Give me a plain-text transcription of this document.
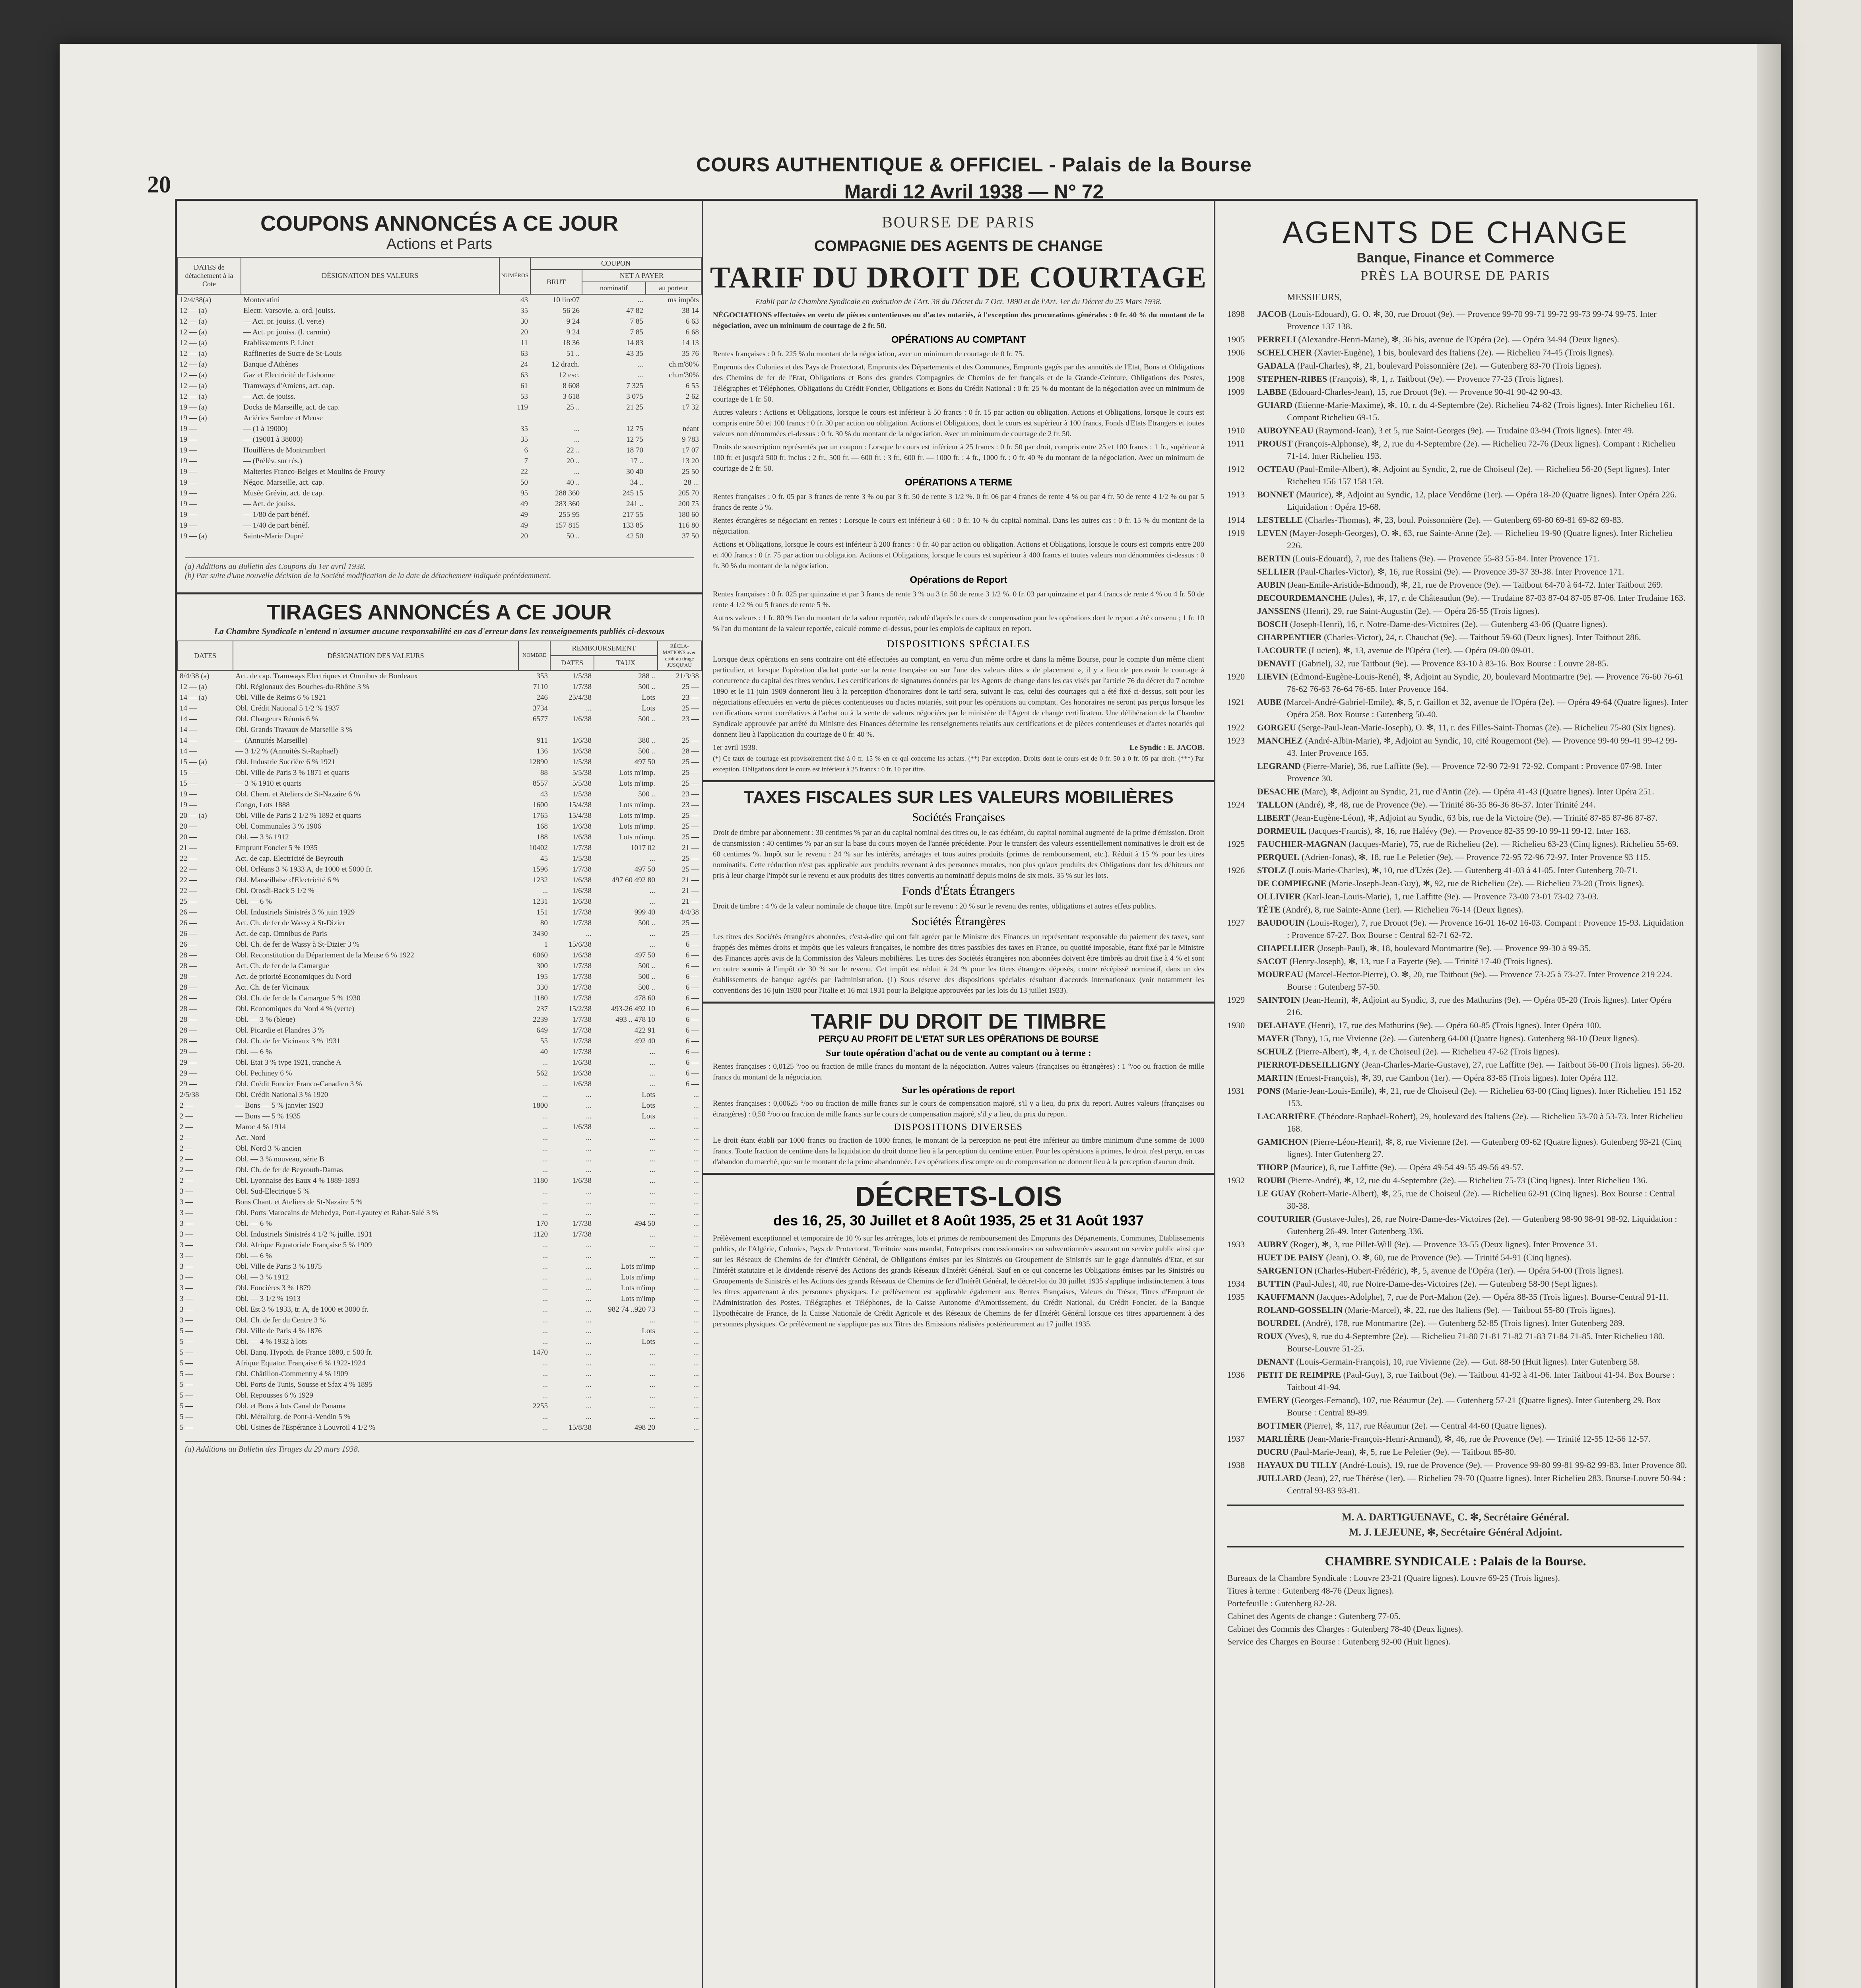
20
COURS AUTHENTIQUE & OFFICIEL - Palais de la Bourse
Mardi 12 Avril 1938 — N° 72
COUPONS ANNONCÉS A CE JOUR
Actions et Parts
DATES de détachement à la Cote	DÉSIGNATION DES VALEURS	NUMÉROS	COUPON		
			BRUT	NET A PAYER	
				nominatif	au porteur
12/4/38(a)	Montecatini	43	10 lire07	...	ms impôts
12 — (a)	Electr. Varsovie, a. ord. jouiss.	35	56 26	47 82	38 14
12 — (a)	— Act. pr. jouiss. (l. verte)	30	9 24	7 85	6 63
12 — (a)	— Act. pr. jouiss. (l. carmin)	20	9 24	7 85	6 68
12 — (a)	Etablissements P. Linet	11	18 36	14 83	14 13
12 — (a)	Raffineries de Sucre de St-Louis	63	51 ..	43 35	35 76
12 — (a)	Banque d'Athènes	24	12 drach.	...	ch.m'80%
12 — (a)	Gaz et Electricité de Lisbonne	63	12 esc.	...	ch.m'30%
12 — (a)	Tramways d'Amiens, act. cap.	61	8 608	7 325	6 55
12 — (a)	— Act. de jouiss.	53	3 618	3 075	2 62
19 — (a)	Docks de Marseille, act. de cap.	119	25 ..	21 25	17 32
19 — (a)	Aciéries Sambre et Meuse				
19 —	— (1 à 19000)	35	...	12 75	néant
19 —	— (19001 à 38000)	35	...	12 75	9 783
19 —	Houillères de Montrambert	6	22 ..	18 70	17 07
19 —	— (Prélèv. sur rés.)	7	20 ..	17 ..	13 20
19 —	Malteries Franco-Belges et Moulins de Frouvy	22	...	30 40	25 50
19 —	Négoc. Marseille, act. cap.	50	40 ..	34 ..	28 ...
19 —	Musée Grévin, act. de cap.	95	288 360	245 15	205 70
19 —	— Act. de jouiss.	49	283 360	241 ..	200 75
19 —	— 1/80 de part bénéf.	49	255 95	217 55	180 60
19 —	— 1/40 de part bénéf.	49	157 815	133 85	116 80
19 — (a)	Sainte-Marie Dupré	20	50 ..	42 50	37 50
(a) Additions au Bulletin des Coupons du 1er avril 1938.
(b) Par suite d'une nouvelle décision de la Société modification de la date de détachement indiquée précédemment.
TIRAGES ANNONCÉS A CE JOUR
La Chambre Syndicale n'entend n'assumer aucune responsabilité en cas d'erreur dans les renseignements publiés ci-dessous
DATES	DÉSIGNATION DES VALEURS	NOMBRE	REMBOURSEMENT		RÉCLA-MATIONS avec droit au tirage JUSQU'AU
			DATES	TAUX	
8/4/38 (a)	Act. de cap. Tramways Electriques et Omnibus de Bordeaux	353	1/5/38	288 ..	21/3/38
12 — (a)	Obl. Régionaux des Bouches-du-Rhône 3 %	7110	1/7/38	500 ..	25 —
14 — (a)	Obl. Ville de Reims 6 % 1921	246	25/4/38	Lots	23 —
14 —	Obl. Crédit National 5 1/2 % 1937	3734	...	Lots	25 —
14 —	Obl. Chargeurs Réunis 6 %	6577	1/6/38	500 ..	23 —
14 —	Obl. Grands Travaux de Marseille 3 %				
14 —	— (Annuités Marseille)	911	1/6/38	380 ..	25 —
14 —	— 3 1/2 % (Annuités St-Raphaël)	136	1/6/38	500 ..	28 —
15 — (a)	Obl. Industrie Sucrière 6 % 1921	12890	1/5/38	497 50	25 —
15 —	Obl. Ville de Paris 3 % 1871 et quarts	88	5/5/38	Lots m'imp.	25 —
15 —	— 3 % 1910 et quarts	8557	5/5/38	Lots m'imp.	25 —
19 —	Obl. Chem. et Ateliers de St-Nazaire 6 %	43	1/5/38	500 ..	23 —
19 —	Congo, Lots 1888	1600	15/4/38	Lots m'imp.	23 —
20 — (a)	Obl. Ville de Paris 2 1/2 % 1892 et quarts	1765	15/4/38	Lots m'imp.	25 —
20 —	Obl. Communales 3 % 1906	168	1/6/38	Lots m'imp.	25 —
20 —	Obl. — 3 % 1912	188	1/6/38	Lots m'imp.	25 —
21 —	Emprunt Foncier 5 % 1935	10402	1/7/38	1017 02	21 —
22 —	Act. de cap. Electricité de Beyrouth	45	1/5/38	...	25 —
22 —	Obl. Orléans 3 % 1933 A, de 1000 et 5000 fr.	1596	1/7/38	497 50	25 —
22 —	Obl. Marseillaise d'Electricité 6 %	1232	1/6/38	497 60 492 80	21 —
22 —	Obl. Orosdi-Back 5 1/2 %	...	1/6/38	...	21 —
25 —	Obl. — 6 %	1231	1/6/38	...	21 —
26 —	Obl. Industriels Sinistrés 3 % juin 1929	151	1/7/38	999 40	4/4/38
26 —	Act. Ch. de fer de Wassy à St-Dizier	80	1/7/38	500 ..	25 —
26 —	Act. de cap. Omnibus de Paris	3430	...	...	25 —
26 —	Obl. Ch. de fer de Wassy à St-Dizier 3 %	1	15/6/38	...	6 —
28 —	Obl. Reconstitution du Département de la Meuse 6 % 1922	6060	1/6/38	497 50	6 —
28 —	Act. Ch. de fer de la Camargue	300	1/7/38	500 ..	6 —
28 —	Act. de priorité Economiques du Nord	195	1/7/38	500 ..	6 —
28 —	Act. Ch. de fer Vicinaux	330	1/7/38	500 ..	6 —
28 —	Obl. Ch. de fer de la Camargue 5 % 1930	1180	1/7/38	478 60	6 —
28 —	Obl. Economiques du Nord 4 % (verte)	237	15/2/38	493-26 492 10	6 —
28 —	Obl. — 3 % (bleue)	2239	1/7/38	493 .. 478 10	6 —
28 —	Obl. Picardie et Flandres 3 %	649	1/7/38	422 91	6 —
28 —	Obl. Ch. de fer Vicinaux 3 % 1931	55	1/7/38	492 40	6 —
29 —	Obl. — 6 %	40	1/7/38	...	6 —
29 —	Obl. Etat 3 % type 1921, tranche A	...	1/6/38	...	6 —
29 —	Obl. Pechiney 6 %	562	1/6/38	...	6 —
29 —	Obl. Crédit Foncier Franco-Canadien 3 %	...	1/6/38	...	6 —
2/5/38	Obl. Crédit National 3 % 1920	...	...	Lots	...
2 —	— Bons — 5 % janvier 1923	1800	...	Lots	...
2 —	— Bons — 5 % 1935	...	...	Lots	...
2 —	Maroc 4 % 1914	...	1/6/38	...	...
2 —	Act. Nord	...	...	...	...
2 —	Obl. Nord 3 % ancien	...	...	...	...
2 —	Obl. — 3 % nouveau, série B	...	...	...	...
2 —	Obl. Ch. de fer de Beyrouth-Damas	...	...	...	...
2 —	Obl. Lyonnaise des Eaux 4 % 1889-1893	1180	1/6/38	...	...
3 —	Obl. Sud-Electrique 5 %	...	...	...	...
3 —	Bons Chant. et Ateliers de St-Nazaire 5 %	...	...	...	...
3 —	Obl. Ports Marocains de Mehedya, Port-Lyautey et Rabat-Salé 3 %	...	...	...	...
3 —	Obl. — 6 %	170	1/7/38	494 50	...
3 —	Obl. Industriels Sinistrés 4 1/2 % juillet 1931	1120	1/7/38	...	...
3 —	Obl. Afrique Equatoriale Française 5 % 1909	...	...	...	...
3 —	Obl. — 6 %	...	...	...	...
3 —	Obl. Ville de Paris 3 % 1875	...	...	Lots m'imp	...
3 —	Obl. — 3 % 1912	...	...	Lots m'imp	...
3 —	Obl. Foncières 3 % 1879	...	...	Lots m'imp	...
3 —	Obl. — 3 1/2 % 1913	...	...	Lots m'imp	...
3 —	Obl. Est 3 % 1933, tr. A, de 1000 et 3000 fr.	...	...	982 74 ..920 73	...
3 —	Obl. Ch. de fer du Centre 3 %	...	...	...	...
5 —	Obl. Ville de Paris 4 % 1876	...	...	Lots	...
5 —	Obl. — 4 % 1932 à lots	...	...	Lots	...
5 —	Obl. Banq. Hypoth. de France 1880, r. 500 fr.	1470	...	...	...
5 —	Afrique Equator. Française 6 % 1922-1924	...	...	...	...
5 —	Obl. Châtillon-Commentry 4 % 1909	...	...	...	...
5 —	Obl. Ports de Tunis, Sousse et Sfax 4 % 1895	...	...	...	...
5 —	Obl. Repousses 6 % 1929	...	...	...	...
5 —	Obl. et Bons à lots Canal de Panama	2255	...	...	...
5 —	Obl. Métallurg. de Pont-à-Vendin 5 %	...	...	...	...
5 —	Obl. Usines de l'Espérance à Louvroil 4 1/2 %	...	15/8/38	498 20	...
(a) Additions au Bulletin des Tirages du 29 mars 1938.
BOURSE DE PARIS
COMPAGNIE DES AGENTS DE CHANGE
TARIF DU DROIT DE COURTAGE
Etabli par la Chambre Syndicale en exécution de l'Art. 38 du Décret du 7 Oct. 1890 et de l'Art. 1er du Décret du 25 Mars 1938.

NÉGOCIATIONS effectuées en vertu de pièces contentieuses ou d'actes notariés, à l'exception des procurations générales : 0 fr. 40 % du montant de la négociation, avec un minimum de courtage de 2 fr. 50.

OPÉRATIONS AU COMPTANT

Rentes françaises : 0 fr. 225 % du montant de la négociation, avec un minimum de courtage de 0 fr. 75.

Emprunts des Colonies et des Pays de Protectorat, Emprunts des Départements et des Communes, Emprunts gagés par des annuités de l'Etat, Bons et Obligations des Chemins de fer de l'Etat, Obligations et Bons des grandes Compagnies de Chemins de fer français et de la Grande-Ceinture, Obligations des Postes, Télégraphes et Téléphones, Obligations du Crédit Foncier, Obligations et Bons du Crédit National : 0 fr. 25 % du montant de la négociation avec un minimum de courtage de 1 fr. 50.

Autres valeurs : Actions et Obligations, lorsque le cours est inférieur à 50 francs : 0 fr. 15 par action ou obligation. Actions et Obligations, lorsque le cours est compris entre 50 et 100 francs : 0 fr. 30 par action ou obligation. Actions et Obligations, dont le cours est supérieur à 100 francs, Fonds d'Etats Etrangers et toutes valeurs non dénommées ci-dessus : 0 fr. 30 % du montant de la négociation. Avec un minimum de courtage de 2 fr. 50.

Droits de souscription représentés par un coupon : Lorsque le cours est inférieur à 25 francs : 0 fr. 50 par droit, compris entre 25 et 100 francs : 1 fr., supérieur à 100 fr. et jusqu'à 500 fr. inclus : 2 fr., 500 fr. — 600 fr. : 3 fr., 600 fr. — 1000 fr. : 4 fr., 1000 fr. : 0 fr. 40 % du montant de la négociation. Avec un minimum de courtage de 2 fr. 50.

OPÉRATIONS A TERME

Rentes françaises : 0 fr. 05 par 3 francs de rente 3 % ou par 3 fr. 50 de rente 3 1/2 %. 0 fr. 06 par 4 francs de rente 4 % ou par 4 fr. 50 de rente 4 1/2 % ou par 5 francs de rente 5 %.

Rentes étrangères se négociant en rentes : Lorsque le cours est inférieur à 60 : 0 fr. 10 % du capital nominal. Dans les autres cas : 0 fr. 15 % du montant de la négociation.

Actions et Obligations, lorsque le cours est inférieur à 200 francs : 0 fr. 40 par action ou obligation. Actions et Obligations, lorsque le cours est compris entre 200 et 400 francs : 0 fr. 75 par action ou obligation. Actions et Obligations, lorsque le cours est supérieur à 400 francs et toutes valeurs non dénommées ci-dessus : 0 fr. 30 % du montant de la négociation.

Opérations de Report

Rentes françaises : 0 fr. 025 par quinzaine et par 3 francs de rente 3 % ou 3 fr. 50 de rente 3 1/2 %. 0 fr. 03 par quinzaine et par 4 francs de rente 4 % ou 4 fr. 50 de rente 4 1/2 % ou 5 francs de rente 5 %.

Autres valeurs : 1 fr. 80 % l'an du montant de la valeur reportée, calculé d'après le cours de compensation pour les opérations dont le report a été convenu ; 1 fr. 10 % l'an du montant de la valeur reportée, calculé comme ci-dessus, pour les emplois de capitaux en report.

DISPOSITIONS SPÉCIALES

Lorsque deux opérations en sens contraire ont été effectuées au comptant, en vertu d'un même ordre et dans la même Bourse, pour le compte d'un même client particulier, et lorsque l'opération d'achat porte sur la rente française ou sur l'une des valeurs dites « de placement », il y a lieu de percevoir le courtage à concurrence du capital des titres vendus. Les certifications de signatures données par les Agents de change dans les cas visés par l'article 76 du décret du 7 octobre 1890 et le 11 juin 1909 donneront lieu à la perception d'honoraires dont le tarif sera, suivant le cas, celui des courtages qui a été fixé ci-dessus, soit pour les négociations effectuées en vertu de pièces contentieuses ou d'actes notariés, soit pour les opérations au comptant. Ces honoraires ne seront pas perçus lorsque les certifications seront corrélatives à l'achat ou à la vente de valeurs négociées par le ministère de l'Agent de change certificateur. Une délibération de la Chambre Syndicale approuvée par arrêté du Ministre des Finances détermine les renseignements relatifs aux certifications et de pièces contentieuses et d'actes notariés qui donnent lieu à l'application du courtage de 0 fr. 40 %.

1er avril 1938.	Le Syndic : E. JACOB.

(*) Ce taux de courtage est provisoirement fixé à 0 fr. 15 % en ce qui concerne les achats. (**) Par exception. Droits dont le cours est de 0 fr. 50 à 0 fr. 05 par droit. (***) Par exception. Obligations dont le cours est inférieur à 25 francs : 0 fr. 10 par titre.

TAXES FISCALES SUR LES VALEURS MOBILIÈRES
Sociétés Françaises

Droit de timbre par abonnement : 30 centimes % par an du capital nominal des titres ou, le cas échéant, du capital nominal augmenté de la prime d'émission. Droit de transmission : 40 centimes % par an sur la base du cours moyen de l'année précédente. Pour le transfert des valeurs essentiellement nominatives le droit est de 60 centimes %. Impôt sur le revenu : 24 % sur les intérêts, arrérages et tous autres produits (primes de remboursement, etc.). Réduit à 15 % pour les titres nominatifs. Cette réduction n'est pas applicable aux produits revenant à des personnes morales, non plus qu'aux produits des Obligations dont les débiteurs ont pris à leur charge l'impôt sur le revenu et aux produits des titres convertis au nominatif depuis moins de six mois. 35 % sur les lots.

Fonds d'États Étrangers

Droit de timbre : 4 % de la valeur nominale de chaque titre. Impôt sur le revenu : 20 % sur le revenu des rentes, obligations et autres effets publics.

Sociétés Étrangères

Les titres des Sociétés étrangères abonnées, c'est-à-dire qui ont fait agréer par le Ministre des Finances un représentant responsable du paiement des taxes, sont frappés des mêmes droits et impôts que les valeurs françaises, le nombre des titres passibles des taxes en France, ou quotité imposable, étant fixé par le Ministre des Finances après avis de la Commission des Valeurs mobilières. Les titres des Sociétés étrangères non abonnées doivent être timbrés au droit fixe à 4 % et sont en outre soumis à l'impôt de 30 % sur le revenu. Cet impôt est réduit à 24 % pour les titres étrangers déposés, contre récépissé nominatif, dans un des établissements de banque agréés par l'administration. (1) Sous réserve des dispositions spéciales résultant d'accords internationaux (voir notamment les conventions des 16 juin 1930 pour l'Italie et 16 mai 1931 pour la Belgique approuvées par les lois du 13 juillet 1933).

TARIF DU DROIT DE TIMBRE
PERÇU AU PROFIT DE L'ETAT SUR LES OPÉRATIONS DE BOURSE
Sur toute opération d'achat ou de vente au comptant ou à terme :

Rentes françaises : 0,0125 °/oo ou fraction de mille francs du montant de la négociation. Autres valeurs (françaises ou étrangères) : 1 °/oo ou fraction de mille francs du montant de la négociation.

Sur les opérations de report

Rentes françaises : 0,00625 °/oo ou fraction de mille francs sur le cours de compensation majoré, s'il y a lieu, du prix du report. Autres valeurs (françaises ou étrangères) : 0,50 °/oo ou fraction de mille francs sur le cours de compensation majoré, s'il y a lieu, du prix du report.

DISPOSITIONS DIVERSES

Le droit étant établi par 1000 francs ou fraction de 1000 francs, le montant de la perception ne peut être inférieur au timbre minimum d'une somme de 1000 francs. Toute fraction de centime dans la liquidation du droit donne lieu à la perception du centime entier. Pour les opérations à primes, le droit n'est perçu, en cas d'abandon du marché, que sur le montant de la prime abandonnée. Les opérations d'escompte ou de compensation ne donnent lieu à la perception d'aucun droit.

DÉCRETS-LOIS
des 16, 25, 30 Juillet et 8 Août 1935, 25 et 31 Août 1937

Prélèvement exceptionnel et temporaire de 10 % sur les arrérages, lots et primes de remboursement des Emprunts des Départements, Communes, Etablissements publics, de l'Algérie, Colonies, Pays de Protectorat, Territoire sous mandat, Entreprises concessionnaires ou subventionnées assurant un service public ainsi que sur les Réseaux de Chemins de fer d'Intérêt Général, de Obligations émises par les Sinistrés ou Groupement de Sinistrés sur le gage d'annuités d'Etat, et sur l'intérêt statutaire et le dividende réservé des Actions des grands Réseaux d'Intérêt Général. Sauf en ce qui concerne les Obligations émises par les Sinistrés ou Groupements de Sinistrés et les Actions des grands Réseaux de Chemins de fer d'Intérêt Général, le décret-loi du 30 juillet 1935 s'applique indistinctement à tous les titres appartenant à des personnes physiques. Le prélèvement est applicable également aux Rentes Françaises, Valeurs du Trésor, Titres d'Emprunt de l'Administration des Postes, Télégraphes et Téléphones, de la Caisse Autonome d'Amortissement, du Crédit National, du Crédit Foncier, de la Banque Hypothécaire de France, de la Caisse Nationale de Crédit Agricole et des Réseaux de Chemins de fer d'Intérêt Général lorsque ces titres appartiennent à des personnes physiques. Ce prélèvement ne s'applique pas aux Titres des Emissions réalisées postérieurement au 17 juillet 1935.

AGENTS DE CHANGE
Banque, Finance et Commerce
PRÈS LA BOURSE DE PARIS
MESSIEURS,
1898 JACOB (Louis-Edouard), G. O. ✻, 30, rue Drouot (9e). — Provence 99-70 99-71 99-72 99-73 99-74 99-75. Inter Provence 137 138.
1905 PERRELI (Alexandre-Henri-Marie), ✻, 36 bis, avenue de l'Opéra (2e). — Opéra 34-94 (Deux lignes).
1906 SCHELCHER (Xavier-Eugène), 1 bis, boulevard des Italiens (2e). — Richelieu 74-45 (Trois lignes).
GADALA (Paul-Charles), ✻, 21, boulevard Poissonnière (2e). — Gutenberg 83-70 (Trois lignes).
1908 STEPHEN-RIBES (François), ✻, 1, r. Taitbout (9e). — Provence 77-25 (Trois lignes).
1909 LABBE (Edouard-Charles-Jean), 15, rue Drouot (9e). — Provence 90-41 90-42 90-43.
GUIARD (Etienne-Marie-Maxime), ✻, 10, r. du 4-Septembre (2e). Richelieu 74-82 (Trois lignes). Inter Richelieu 161. Compant Richelieu 69-15.
1910 AUBOYNEAU (Raymond-Jean), 3 et 5, rue Saint-Georges (9e). — Trudaine 03-94 (Trois lignes). Inter 49.
1911 PROUST (François-Alphonse), ✻, 2, rue du 4-Septembre (2e). — Richelieu 72-76 (Deux lignes). Compant : Richelieu 71-14. Inter Richelieu 193.
1912 OCTEAU (Paul-Emile-Albert), ✻, Adjoint au Syndic, 2, rue de Choiseul (2e). — Richelieu 56-20 (Sept lignes). Inter Richelieu 156 157 158 159.
1913 BONNET (Maurice), ✻, Adjoint au Syndic, 12, place Vendôme (1er). — Opéra 18-20 (Quatre lignes). Inter Opéra 226. Liquidation : Opéra 19-68.
1914 LESTELLE (Charles-Thomas), ✻, 23, boul. Poissonnière (2e). — Gutenberg 69-80 69-81 69-82 69-83.
1919 LEVEN (Mayer-Joseph-Georges), O. ✻, 63, rue Sainte-Anne (2e). — Richelieu 19-90 (Quatre lignes). Inter Richelieu 226.
BERTIN (Louis-Edouard), 7, rue des Italiens (9e). — Provence 55-83 55-84. Inter Provence 171.
SELLIER (Paul-Charles-Victor), ✻, 16, rue Rossini (9e). — Provence 39-37 39-38. Inter Provence 171.
AUBIN (Jean-Emile-Aristide-Edmond), ✻, 21, rue de Provence (9e). — Taitbout 64-70 à 64-72. Inter Taitbout 269.
DECOURDEMANCHE (Jules), ✻, 17, r. de Châteaudun (9e). — Trudaine 87-03 87-04 87-05 87-06. Inter Trudaine 163.
JANSSENS (Henri), 29, rue Saint-Augustin (2e). — Opéra 26-55 (Trois lignes).
BOSCH (Joseph-Henri), 16, r. Notre-Dame-des-Victoires (2e). — Gutenberg 43-06 (Quatre lignes).
CHARPENTIER (Charles-Victor), 24, r. Chauchat (9e). — Taitbout 59-60 (Deux lignes). Inter Taitbout 286.
LACOURTE (Lucien), ✻, 13, avenue de l'Opéra (1er). — Opéra 09-00 09-01.
DENAVIT (Gabriel), 32, rue Taitbout (9e). — Provence 83-10 à 83-16. Box Bourse : Louvre 28-85.
1920 LIEVIN (Edmond-Eugène-Louis-René), ✻, Adjoint au Syndic, 20, boulevard Montmartre (9e). — Provence 76-60 76-61 76-62 76-63 76-64 76-65. Inter Provence 164.
1921 AUBE (Marcel-André-Gabriel-Emile), ✻, 5, r. Gaillon et 32, avenue de l'Opéra (2e). — Opéra 49-64 (Quatre lignes). Inter Opéra 258. Box Bourse : Gutenberg 50-40.
1922 GORGEU (Serge-Paul-Jean-Marie-Joseph), O. ✻, 11, r. des Filles-Saint-Thomas (2e). — Richelieu 75-80 (Six lignes).
1923 MANCHEZ (André-Albin-Marie), ✻, Adjoint au Syndic, 10, cité Rougemont (9e). — Provence 99-40 99-41 99-42 99-43. Inter Provence 165.
LEGRAND (Pierre-Marie), 36, rue Laffitte (9e). — Provence 72-90 72-91 72-92. Compant : Provence 07-98. Inter Provence 30.
DESACHE (Marc), ✻, Adjoint au Syndic, 21, rue d'Antin (2e). — Opéra 41-43 (Quatre lignes). Inter Opéra 251.
1924 TALLON (André), ✻, 48, rue de Provence (9e). — Trinité 86-35 86-36 86-37. Inter Trinité 244.
LIBERT (Jean-Eugène-Léon), ✻, Adjoint au Syndic, 63 bis, rue de la Victoire (9e). — Trinité 87-85 87-86 87-87.
DORMEUIL (Jacques-Francis), ✻, 16, rue Halévy (9e). — Provence 82-35 99-10 99-11 99-12. Inter 163.
1925 FAUCHIER-MAGNAN (Jacques-Marie), 75, rue de Richelieu (2e). — Richelieu 63-23 (Cinq lignes). Richelieu 55-69.
PERQUEL (Adrien-Jonas), ✻, 18, rue Le Peletier (9e). — Provence 72-95 72-96 72-97. Inter Provence 93 115.
1926 STOLZ (Louis-Marie-Charles), ✻, 10, rue d'Uzès (2e). — Gutenberg 41-03 à 41-05. Inter Gutenberg 70-71.
DE COMPIEGNE (Marie-Joseph-Jean-Guy), ✻, 92, rue de Richelieu (2e). — Richelieu 73-20 (Trois lignes).
OLLIVIER (Karl-Jean-Louis-Marie), 1, rue Laffitte (9e). — Provence 73-00 73-01 73-02 73-03.
TÊTE (André), 8, rue Sainte-Anne (1er). — Richelieu 76-14 (Deux lignes).
1927 BAUDOUIN (Louis-Roger), 7, rue Drouot (9e). — Provence 16-01 16-02 16-03. Compant : Provence 15-93. Liquidation : Provence 67-27. Box Bourse : Central 62-71 62-72.
CHAPELLIER (Joseph-Paul), ✻, 18, boulevard Montmartre (9e). — Provence 99-30 à 99-35.
SACOT (Henry-Joseph), ✻, 13, rue La Fayette (9e). — Trinité 17-40 (Trois lignes).
MOUREAU (Marcel-Hector-Pierre), O. ✻, 20, rue Taitbout (9e). — Provence 73-25 à 73-27. Inter Provence 219 224. Bourse : Gutenberg 57-50.
1929 SAINTOIN (Jean-Henri), ✻, Adjoint au Syndic, 3, rue des Mathurins (9e). — Opéra 05-20 (Trois lignes). Inter Opéra 216.
1930 DELAHAYE (Henri), 17, rue des Mathurins (9e). — Opéra 60-85 (Trois lignes). Inter Opéra 100.
MAYER (Tony), 15, rue Vivienne (2e). — Gutenberg 64-00 (Quatre lignes). Gutenberg 98-10 (Deux lignes).
SCHULZ (Pierre-Albert), ✻, 4, r. de Choiseul (2e). — Richelieu 47-62 (Trois lignes).
PIERROT-DESEILLIGNY (Jean-Charles-Marie-Gustave), 27, rue Laffitte (9e). — Taitbout 56-00 (Trois lignes). 56-20.
MARTIN (Ernest-François), ✻, 39, rue Cambon (1er). — Opéra 83-85 (Trois lignes). Inter Opéra 112.
1931 PONS (Marie-Jean-Louis-Emile), ✻, 21, rue de Choiseul (2e). — Richelieu 63-00 (Cinq lignes). Inter Richelieu 151 152 153.
LACARRIÈRE (Théodore-Raphaël-Robert), 29, boulevard des Italiens (2e). — Richelieu 53-70 à 53-73. Inter Richelieu 168.
GAMICHON (Pierre-Léon-Henri), ✻, 8, rue Vivienne (2e). — Gutenberg 09-62 (Quatre lignes). Gutenberg 93-21 (Cinq lignes). Inter Gutenberg 27.
THORP (Maurice), 8, rue Laffitte (9e). — Opéra 49-54 49-55 49-56 49-57.
1932 ROUBI (Pierre-André), ✻, 12, rue du 4-Septembre (2e). — Richelieu 75-73 (Cinq lignes). Inter Richelieu 136.
LE GUAY (Robert-Marie-Albert), ✻, 25, rue de Choiseul (2e). — Richelieu 62-91 (Cinq lignes). Box Bourse : Central 30-38.
COUTURIER (Gustave-Jules), 26, rue Notre-Dame-des-Victoires (2e). — Gutenberg 98-90 98-91 98-92. Liquidation : Gutenberg 26-49. Inter Gutenberg 336.
1933 AUBRY (Roger), ✻, 3, rue Pillet-Will (9e). — Provence 33-55 (Deux lignes). Inter Provence 31.
HUET DE PAISY (Jean), O. ✻, 60, rue de Provence (9e). — Trinité 54-91 (Cinq lignes).
SARGENTON (Charles-Hubert-Frédéric), ✻, 5, avenue de l'Opéra (1er). — Opéra 54-00 (Trois lignes).
1934 BUTTIN (Paul-Jules), 40, rue Notre-Dame-des-Victoires (2e). — Gutenberg 58-90 (Sept lignes).
1935 KAUFFMANN (Jacques-Adolphe), 7, rue de Port-Mahon (2e). — Opéra 88-35 (Trois lignes). Bourse-Central 91-11.
ROLAND-GOSSELIN (Marie-Marcel), ✻, 22, rue des Italiens (9e). — Taitbout 55-80 (Trois lignes).
BOURDEL (André), 178, rue Montmartre (2e). — Gutenberg 52-85 (Trois lignes). Inter Gutenberg 289.
ROUX (Yves), 9, rue du 4-Septembre (2e). — Richelieu 71-80 71-81 71-82 71-83 71-84 71-85. Inter Richelieu 180. Bourse-Louvre 51-25.
DENANT (Louis-Germain-François), 10, rue Vivienne (2e). — Gut. 88-50 (Huit lignes). Inter Gutenberg 58.
1936 PETIT DE REIMPRE (Paul-Guy), 3, rue Taitbout (9e). — Taitbout 41-92 à 41-96. Inter Taitbout 41-94. Box Bourse : Taitbout 41-94.
EMERY (Georges-Fernand), 107, rue Réaumur (2e). — Gutenberg 57-21 (Quatre lignes). Inter Gutenberg 29. Box Bourse : Central 89-89.
BOTTMER (Pierre), ✻, 117, rue Réaumur (2e). — Central 44-60 (Quatre lignes).
1937 MARLIÈRE (Jean-Marie-François-Henri-Armand), ✻, 46, rue de Provence (9e). — Trinité 12-55 12-56 12-57.
DUCRU (Paul-Marie-Jean), ✻, 5, rue Le Peletier (9e). — Taitbout 85-80.
1938 HAYAUX DU TILLY (André-Louis), 19, rue de Provence (9e). — Provence 99-80 99-81 99-82 99-83. Inter Provence 80.
JUILLARD (Jean), 27, rue Thérèse (1er). — Richelieu 79-70 (Quatre lignes). Inter Richelieu 283. Bourse-Louvre 50-94 : Central 93-83 93-81.
M. A. DARTIGUENAVE, C. ✻, Secrétaire Général.
M. J. LEJEUNE, ✻, Secrétaire Général Adjoint.
CHAMBRE SYNDICALE : Palais de la Bourse.
Bureaux de la Chambre Syndicale : Louvre 23-21 (Quatre lignes). Louvre 69-25 (Trois lignes).
Titres à terme : Gutenberg 48-76 (Deux lignes).
Portefeuille : Gutenberg 82-28.
Cabinet des Agents de change : Gutenberg 77-05.
Cabinet des Commis des Charges : Gutenberg 78-40 (Deux lignes).
Service des Charges en Bourse : Gutenberg 92-00 (Huit lignes).
